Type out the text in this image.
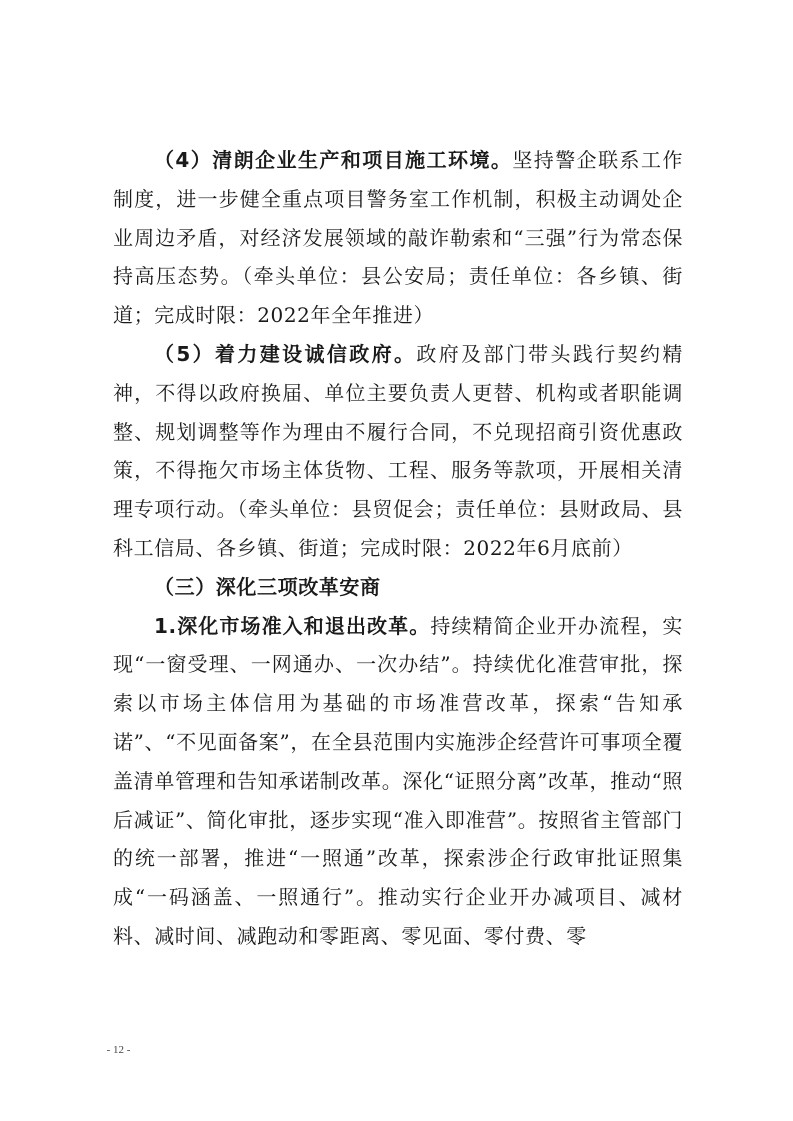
（4）清朗企业生产和项目施工环境。坚持警企联系工作制度，进一步健全重点项目警务室工作机制，积极主动调处企业周边矛盾，对经济发展领域的敲诈勒索和“三强”行为常态保持高压态势。（牵头单位：县公安局；责任单位：各乡镇、街道；完成时限：2022年全年推进）

（5）着力建设诚信政府。政府及部门带头践行契约精神，不得以政府换届、单位主要负责人更替、机构或者职能调整、规划调整等作为理由不履行合同，不兑现招商引资优惠政策，不得拖欠市场主体货物、工程、服务等款项，开展相关清理专项行动。（牵头单位：县贸促会；责任单位：县财政局、县科工信局、各乡镇、街道；完成时限：2022年6月底前）

（三）深化三项改革安商

1.深化市场准入和退出改革。持续精简企业开办流程，实现“一窗受理、一网通办、一次办结”。持续优化准营审批，探索以市场主体信用为基础的市场准营改革，探索“告知承诺”、“不见面备案”，在全县范围内实施涉企经营许可事项全覆盖清单管理和告知承诺制改革。深化“证照分离”改革，推动“照后减证”、简化审批，逐步实现“准入即准营”。按照省主管部门的统一部署，推进“一照通”改革，探索涉企行政审批证照集成“一码涵盖、一照通行”。推动实行企业开办减项目、减材料、减时间、减跑动和零距离、零见面、零付费、零

- 12 -
